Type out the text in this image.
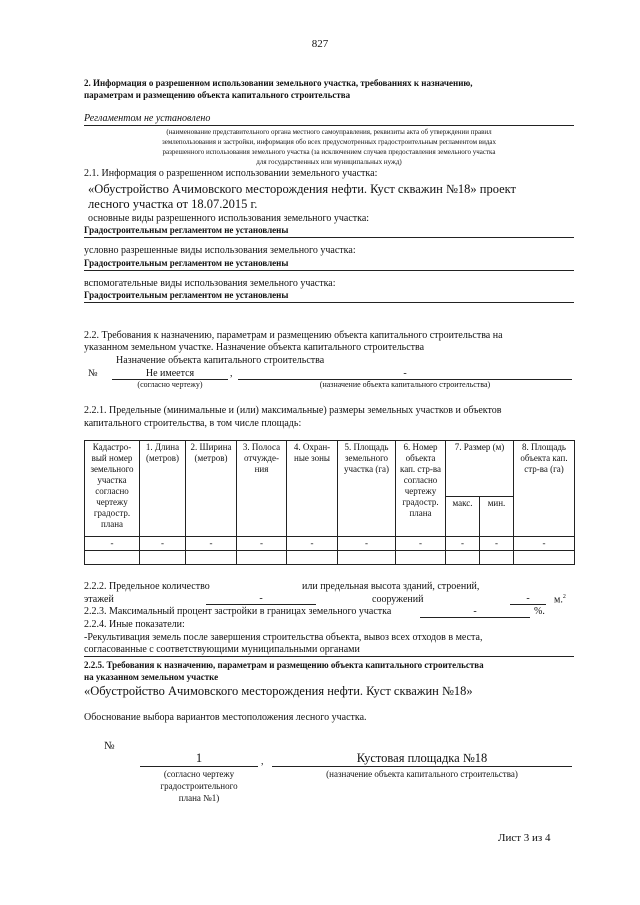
827
2. Информация о разрешенном использовании земельного участка, требованиях к назначению,
параметрам и размещению объекта капитального строительства
Регламентом не установлено
(наименование представительного органа местного самоуправления, реквизиты акта об утверждении правил
землепользования и застройки, информация обо всех предусмотренных градостроительным регламентом видах
разрешенного использования земельного участка (за исключением случаев предоставления земельного участка
для государственных или муниципальных нужд)
2.1. Информация о разрешенном использовании земельного участка:
«Обустройство Ачимовского месторождения нефти. Куст скважин №18» проект
лесного участка от 18.07.2015 г.
основные виды разрешенного использования земельного участка:
Градостроительным регламентом не установлены
условно разрешенные виды использования земельного участка:
Градостроительным регламентом не установлены
вспомогательные виды использования земельного участка:
Градостроительным регламентом не установлены
2.2. Требования к назначению, параметрам и размещению объекта капитального строительства на
указанном земельном участке. Назначение объекта капитального строительства
Назначение объекта капитального строительства
№	Не имеется	,	-
(согласно чертежу)	(назначение объекта капитального строительства)
2.2.1. Предельные (минимальные и (или) максимальные) размеры земельных участков и объектов
капитального строительства, в том числе площадь:
Кадастро-вый номер земельного участка согласно чертежу градостр. плана	1. Длина (метров)	2. Ширина (метров)	3. Полоса отчужде-ния	4. Охран-ные зоны	5. Площадь земельного участка (га)	6. Номер объекта кап. стр-ва согласно чертежу градостр. плана	7. Размер (м)		8. Площадь объекта кап. стр-ва (га)
							макс.	мин.	
-	-	-	-	-	-	-	-	-	-

2.2.2. Предельное количество	или предельная высота зданий, строений,
этажей	-	сооружений	-	м.$^2$
2.2.3. Максимальный процент застройки в границах земельного участка	-	%.
2.2.4. Иные показатели:
-Рекультивация земель после завершения строительства объекта, вывоз всех отходов в места,
согласованные с соответствующими муниципальными органами
2.2.5. Требования к назначению, параметрам и размещению объекта капитального строительства
на указанном земельном участке
«Обустройство Ачимовского месторождения нефти. Куст скважин №18»
Обоснование выбора вариантов местоположения лесного участка.
№
1	,	Кустовая площадка №18
(согласно чертежу
градостроительного
плана №1)
(назначение объекта капитального строительства)
Лист 3 из 4
